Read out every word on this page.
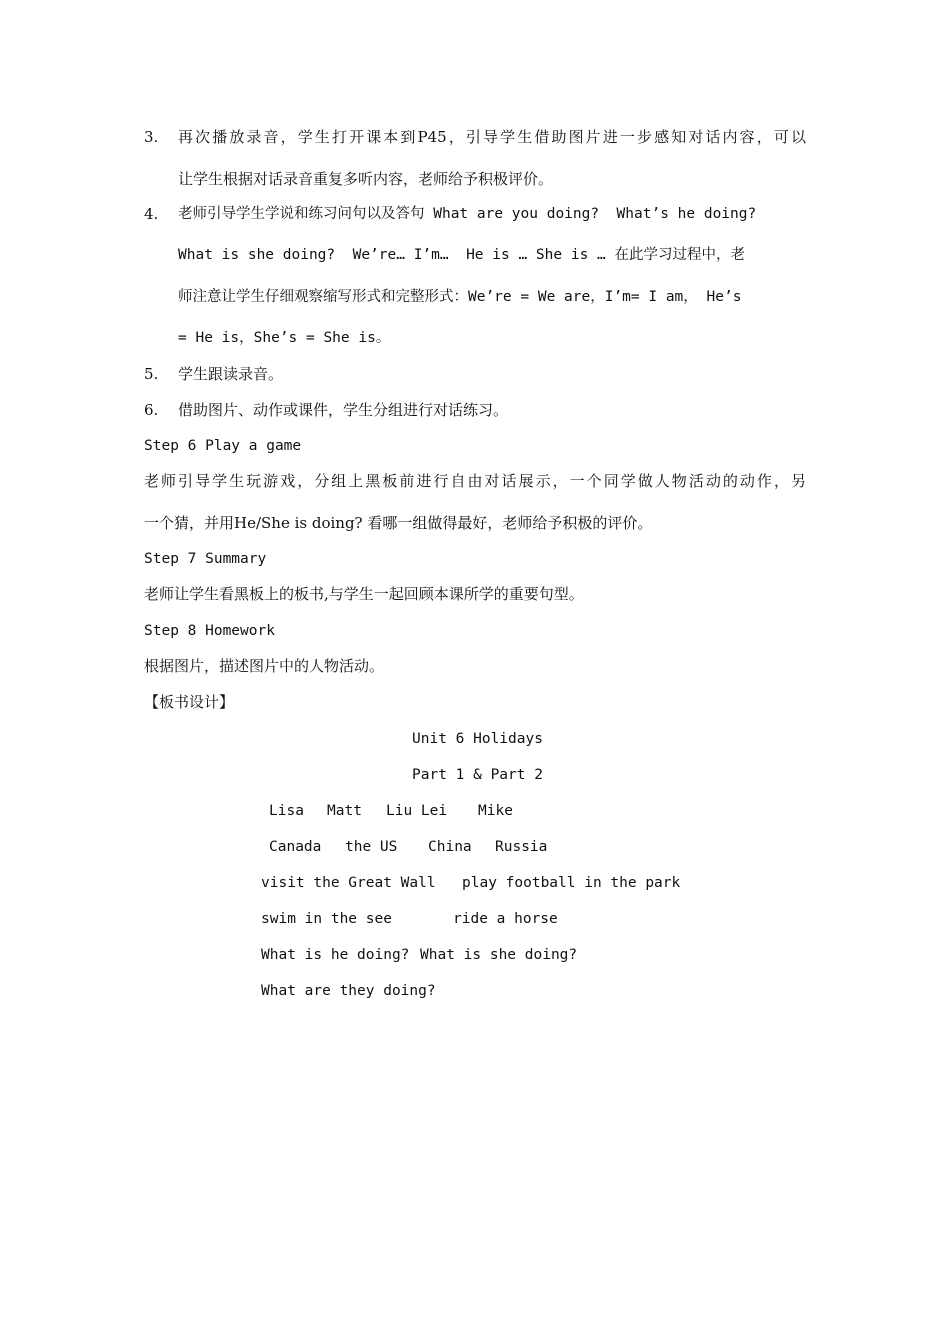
3. 再次播放录音，学生打开课本到P45，引导学生借助图片进一步感知对话内容，可以
让学生根据对话录音重复多听内容，老师给予积极评价。
4. 老师引导学生学说和练习问句以及答句 What are you doing?  What’s he doing?
What is she doing?  We’re… I’m…  He is … She is … 在此学习过程中，老
师注意让学生仔细观察缩写形式和完整形式：We’re = We are，I’m= I am， He’s
= He is，She’s = She is。
5. 学生跟读录音。
6. 借助图片、动作或课件，学生分组进行对话练习。
Step 6 Play a game
老师引导学生玩游戏，分组上黑板前进行自由对话展示，一个同学做人物活动的动作，另
一个猜，并用He/She is doing? 看哪一组做得最好，老师给予积极的评价。
Step 7 Summary
老师让学生看黑板上的板书,与学生一起回顾本课所学的重要句型。
Step 8 Homework
根据图片，描述图片中的人物活动。
【板书设计】
Unit 6 Holidays
Part 1 & Part 2
Lisa Matt Liu Lei Mike
Canada the US China Russia
visit the Great Wall play football in the park
swim in the see	ride a horse
What is he doing? What is she doing?
What are they doing?
